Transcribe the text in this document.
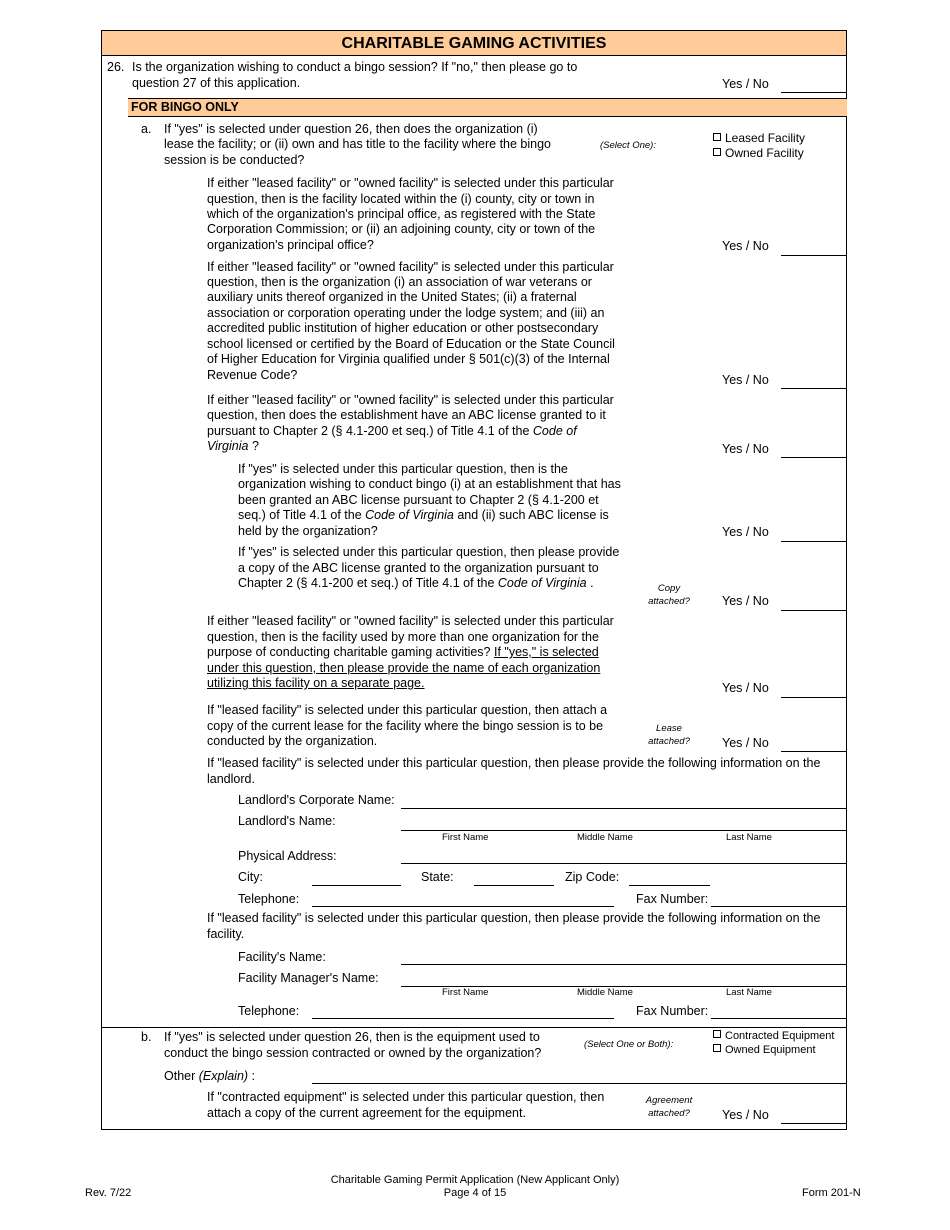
CHARITABLE GAMING ACTIVITIES
26. Is the organization wishing to conduct a bingo session? If "no," then please go to
question 27 of this application.	Yes / No
FOR BINGO ONLY
a. If "yes" is selected under question 26, then does the organization (i)
lease the facility; or (ii) own and has title to the facility where the bingo
session is be conducted?
(Select One):
Leased Facility
Owned Facility
If either "leased facility" or "owned facility" is selected under this particular
question, then is the facility located within the (i) county, city or town in
which of the organization's principal office, as registered with the State
Corporation Commission; or (ii) an adjoining county, city or town of the
organization's principal office?	Yes / No
If either "leased facility" or "owned facility" is selected under this particular
question, then is the organization (i) an association of war veterans or
auxiliary units thereof organized in the United States; (ii) a fraternal
association or corporation operating under the lodge system; and (iii) an
accredited public institution of higher education or other postsecondary
school licensed or certified by the Board of Education or the State Council
of Higher Education for Virginia qualified under § 501(c)(3) of the Internal
Revenue Code?	Yes / No
If either "leased facility" or "owned facility" is selected under this particular
question, then does the establishment have an ABC license granted to it
pursuant to Chapter 2 (§ 4.1-200 et seq.) of Title 4.1 of the Code of
Virginia ?	Yes / No
If "yes" is selected under this particular question, then is the
organization wishing to conduct bingo (i) at an establishment that has
been granted an ABC license pursuant to Chapter 2 (§ 4.1-200 et
seq.) of Title 4.1 of the Code of Virginia and (ii) such ABC license is
held by the organization?	Yes / No
If "yes" is selected under this particular question, then please provide
a copy of the ABC license granted to the organization pursuant to
Chapter 2 (§ 4.1-200 et seq.) of Title 4.1 of the Code of Virginia .	Copy
attached?	Yes / No
If either "leased facility" or "owned facility" is selected under this particular
question, then is the facility used by more than one organization for the
purpose of conducting charitable gaming activities? If "yes," is selected
under this question, then please provide the name of each organization
utilizing this facility on a separate page.	Yes / No
If "leased facility" is selected under this particular question, then attach a
copy of the current lease for the facility where the bingo session is to be
conducted by the organization.
Lease
attached?	Yes / No
If "leased facility" is selected under this particular question, then please provide the following information on the
landlord.
Landlord's Corporate Name:
Landlord's Name:
First Name	Middle Name	Last Name
Physical Address:
City:	State:	Zip Code:
Telephone:	Fax Number:
If "leased facility" is selected under this particular question, then please provide the following information on the
facility.
Facility's Name:
Facility Manager's Name:
First Name	Middle Name	Last Name
Telephone:	Fax Number:
b. If "yes" is selected under question 26, then is the equipment used to
conduct the bingo session contracted or owned by the organization?
(Select One or Both):
Contracted Equipment
Owned Equipment
Other (Explain) :
If "contracted equipment" is selected under this particular question, then
attach a copy of the current agreement for the equipment.
Agreement
attached?	Yes / No
Rev. 7/22
Charitable Gaming Permit Application (New Applicant Only)
Page 4 of 15	Form 201-N
